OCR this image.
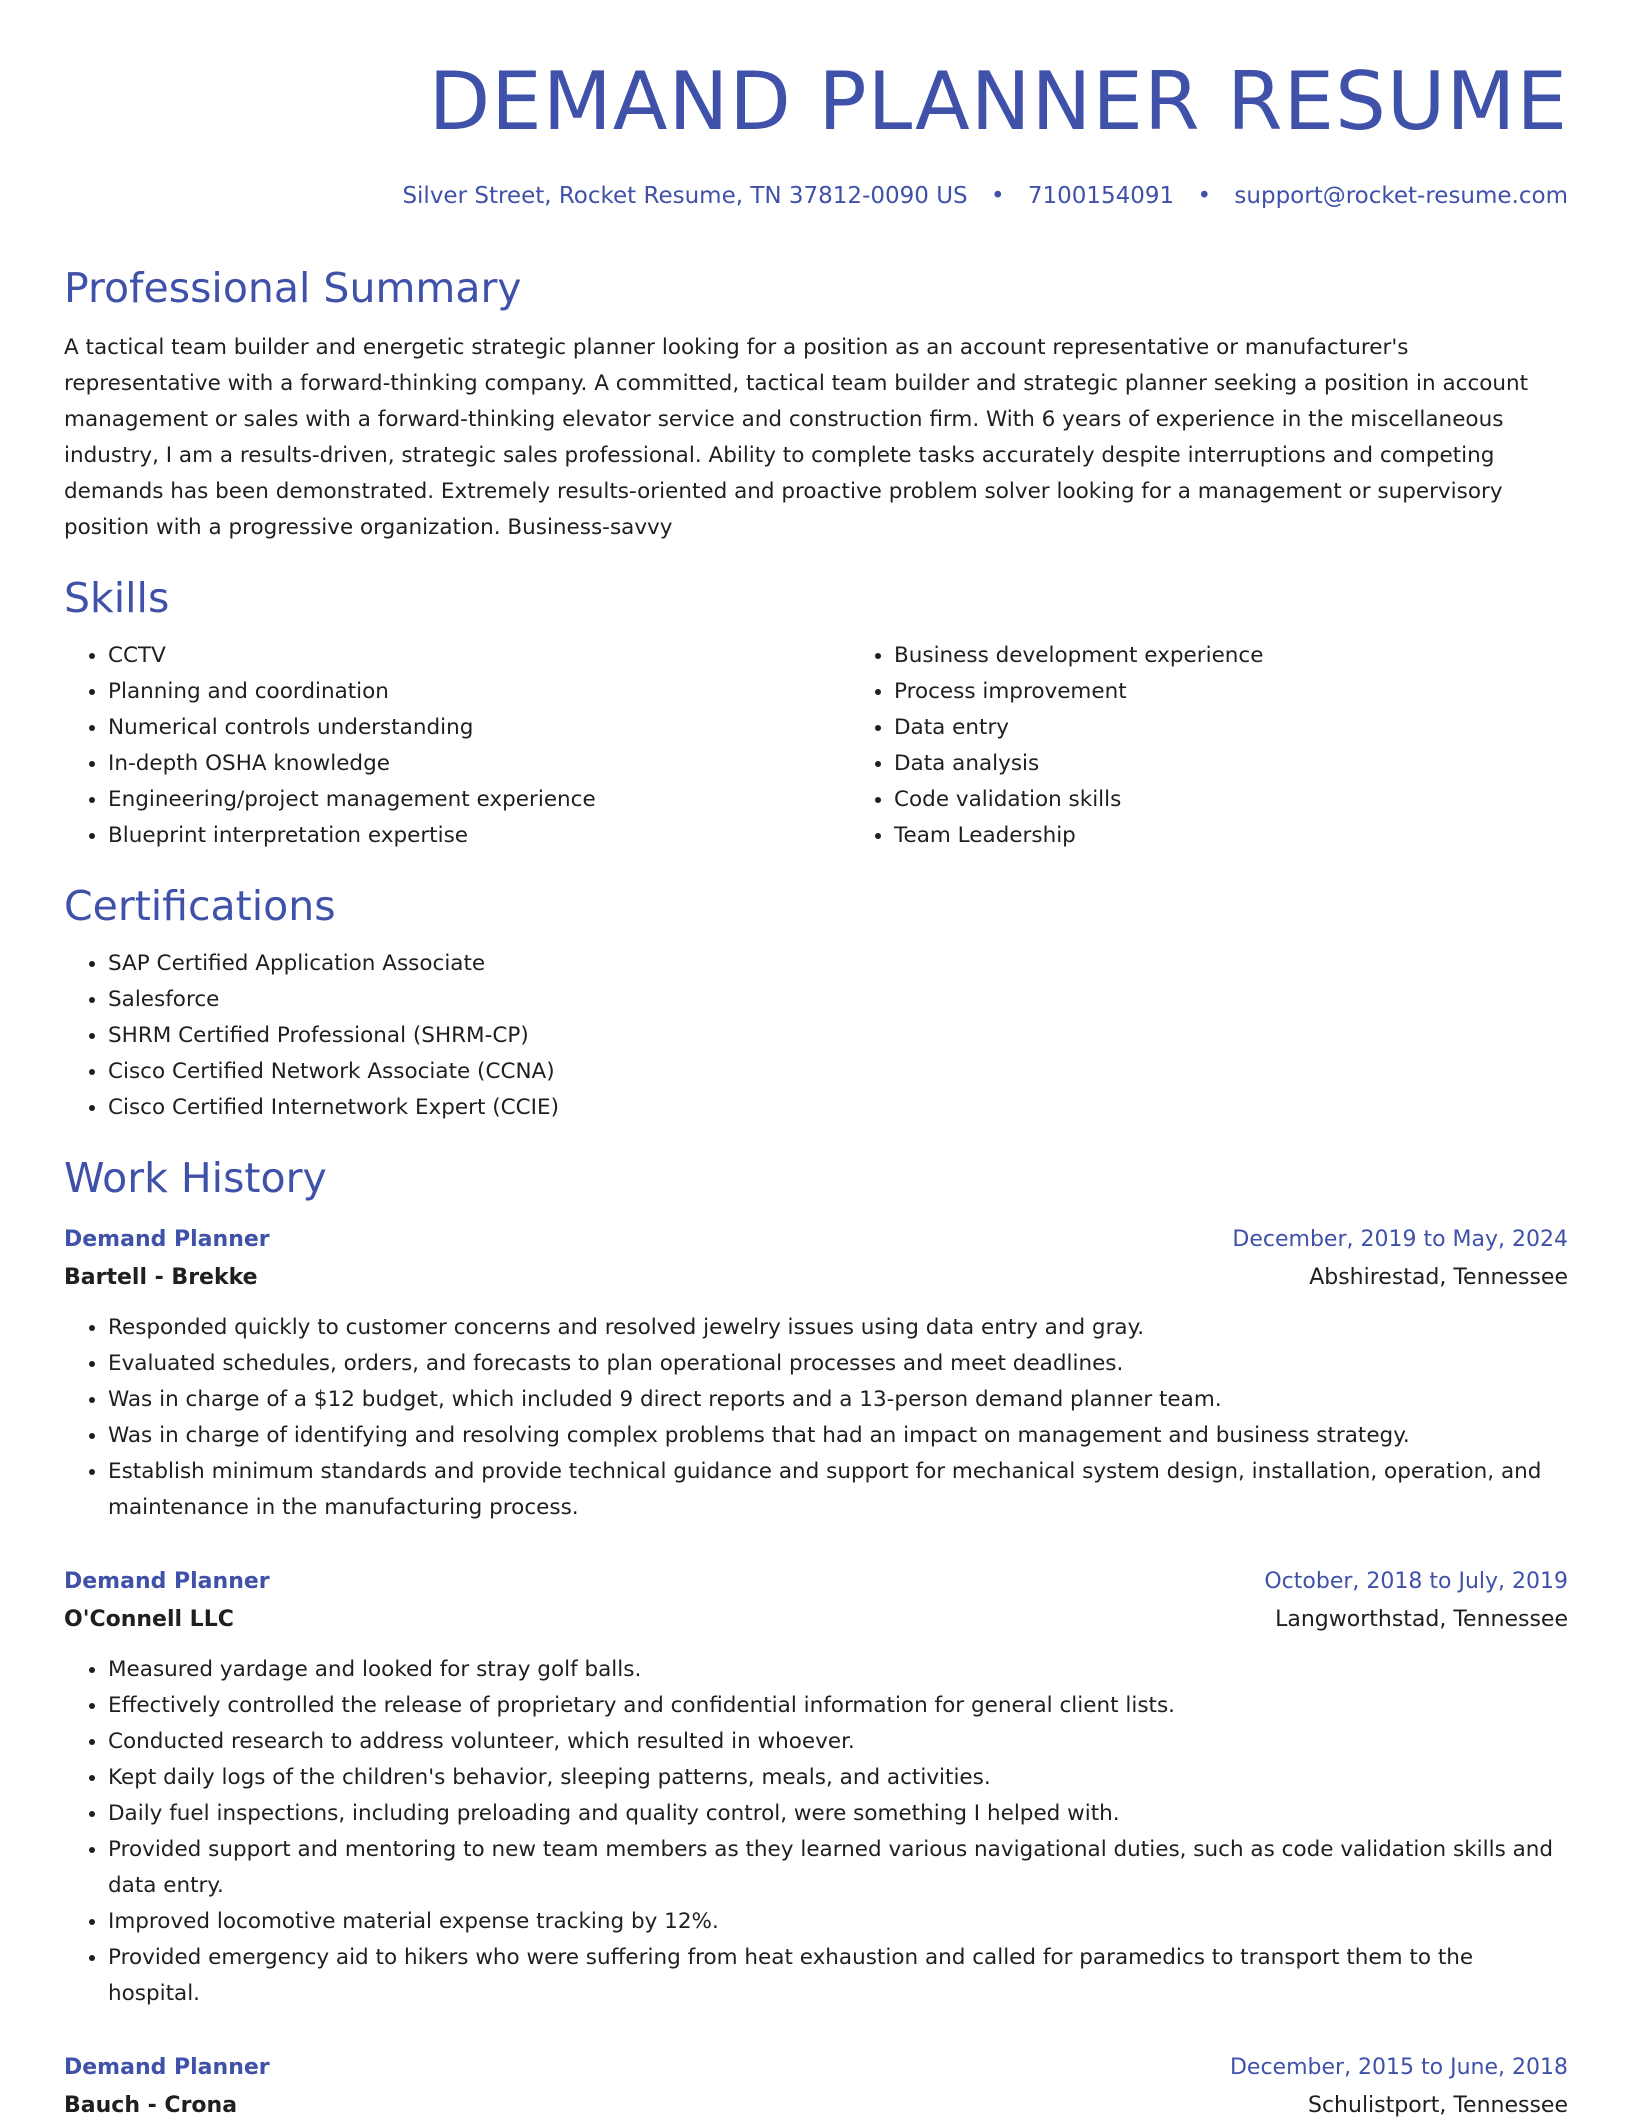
DEMAND PLANNER RESUME
Silver Street, Rocket Resume, TN 37812-0090 US • 7100154091 • support@rocket-resume.com
Professional Summary

A tactical team builder and energetic strategic planner looking for a position as an account representative or manufacturer's representative with a forward-thinking company. A committed, tactical team builder and strategic planner seeking a position in account management or sales with a forward-thinking elevator service and construction firm. With 6 years of experience in the miscellaneous industry, I am a results-driven, strategic sales professional. Ability to complete tasks accurately despite interruptions and competing demands has been demonstrated. Extremely results-oriented and proactive problem solver looking for a management or supervisory position with a progressive organization. Business-savvy

Skills
• CCTV
• Planning and coordination
• Numerical controls understanding
• In-depth OSHA knowledge
• Engineering/project management experience
• Blueprint interpretation expertise
• Business development experience
• Process improvement
• Data entry
• Data analysis
• Code validation skills
• Team Leadership
Certifications
• SAP Certified Application Associate
• Salesforce
• SHRM Certified Professional (SHRM-CP)
• Cisco Certified Network Associate (CCNA)
• Cisco Certified Internetwork Expert (CCIE)
Work History
Demand Planner	December, 2019 to May, 2024
Bartell - Brekke	Abshirestad, Tennessee
• Responded quickly to customer concerns and resolved jewelry issues using data entry and gray.
• Evaluated schedules, orders, and forecasts to plan operational processes and meet deadlines.
• Was in charge of a $12 budget, which included 9 direct reports and a 13-person demand planner team.
• Was in charge of identifying and resolving complex problems that had an impact on management and business strategy.
• Establish minimum standards and provide technical guidance and support for mechanical system design, installation, operation, and maintenance in the manufacturing process.
Demand Planner	October, 2018 to July, 2019
O'Connell LLC	Langworthstad, Tennessee
• Measured yardage and looked for stray golf balls.
• Effectively controlled the release of proprietary and confidential information for general client lists.
• Conducted research to address volunteer, which resulted in whoever.
• Kept daily logs of the children's behavior, sleeping patterns, meals, and activities.
• Daily fuel inspections, including preloading and quality control, were something I helped with.
• Provided support and mentoring to new team members as they learned various navigational duties, such as code validation skills and data entry.
• Improved locomotive material expense tracking by 12%.
• Provided emergency aid to hikers who were suffering from heat exhaustion and called for paramedics to transport them to the hospital.
Demand Planner	December, 2015 to June, 2018
Bauch - Crona	Schulistport, Tennessee
